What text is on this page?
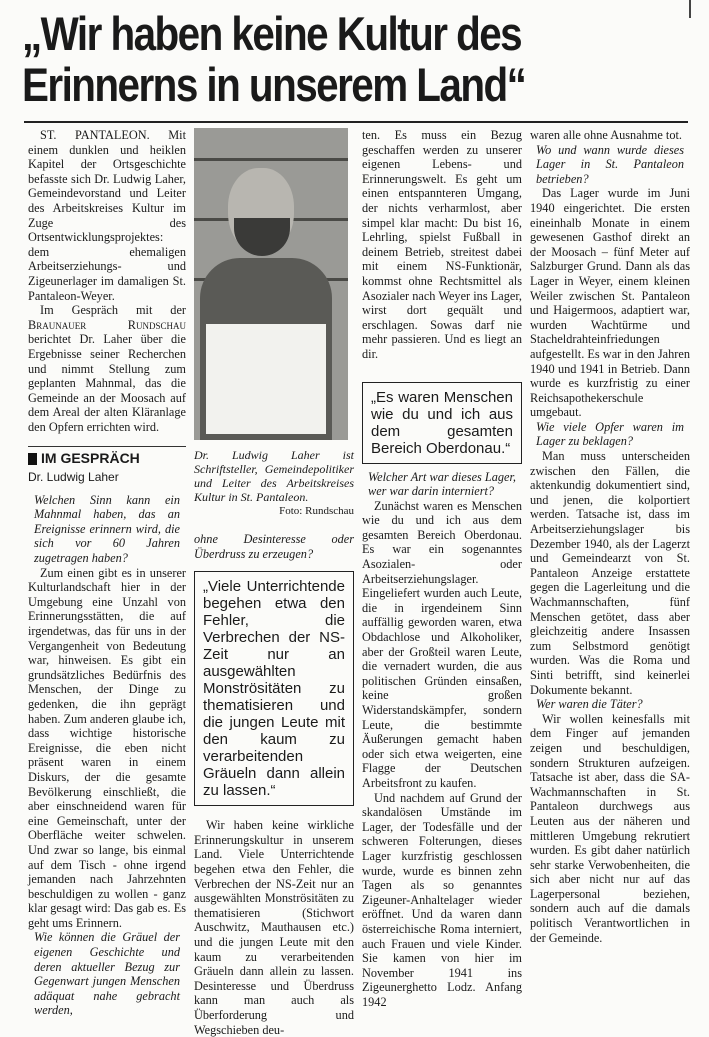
„Wir haben keine Kultur des
Erinnerns in unserem Land“

ST. PANTALEON. Mit einem dunklen und heiklen Kapitel der Ortsgeschichte befasste sich Dr. Ludwig Laher, Gemeindevorstand und Leiter des Arbeitskreises Kultur im Zuge des Ortsentwicklungsprojektes: dem ehemaligen Arbeitserziehungs- und Zigeunerlager im damaligen St. Pantaleon-Weyer.

Im Gespräch mit der Braunauer Rundschau berichtet Dr. Laher über die Ergebnisse seiner Recherchen und nimmt Stellung zum geplanten Mahnmal, das die Gemeinde an der Moosach auf dem Areal der alten Kläranlage den Opfern errichten wird.

IM GESPRÄCH
Dr. Ludwig Laher

Welchen Sinn kann ein Mahnmal haben, das an Ereignisse erinnern wird, die sich vor 60 Jahren zugetragen haben?

Zum einen gibt es in unserer Kulturlandschaft hier in der Umgebung eine Unzahl von Erinnerungsstätten, die auf irgendetwas, das für uns in der Vergangenheit von Bedeutung war, hinweisen. Es gibt ein grundsätzliches Bedürfnis des Menschen, der Dinge zu gedenken, die ihn geprägt haben. Zum anderen glaube ich, dass wichtige historische Ereignisse, die eben nicht präsent waren in einem Diskurs, der die gesamte Bevölkerung einschließt, die aber einschneidend waren für eine Gemeinschaft, unter der Oberfläche weiter schwelen. Und zwar so lange, bis einmal auf dem Tisch - ohne irgend jemanden nach Jahrzehnten beschuldigen zu wollen - ganz klar gesagt wird: Das gab es. Es geht ums Erinnern.

Wie können die Gräuel der eigenen Geschichte und deren aktueller Bezug zur Gegenwart jungen Menschen adäquat nahe gebracht werden,

Dr. Ludwig Laher ist Schriftsteller, Gemeindepolitiker und Leiter des Arbeitskreises Kultur in St. Pantaleon.
Foto: Rundschau

ohne Desinteresse oder Überdruss zu erzeugen?

„Viele Unterrichtende begehen etwa den Fehler, die Verbrechen der NS-Zeit nur an ausgewählten Monströsitäten zu thematisieren und die jungen Leute mit den kaum zu verarbeitenden Gräueln dann allein zu lassen.“

Wir haben keine wirkliche Erinnerungskultur in unserem Land. Viele Unterrichtende begehen etwa den Fehler, die Verbrechen der NS-Zeit nur an ausgewählten Monströsitäten zu thematisieren (Stichwort Auschwitz, Mauthausen etc.) und die jungen Leute mit den kaum zu verarbeitenden Gräueln dann allein zu lassen. Desinteresse und Überdruss kann man auch als Überforderung und Wegschieben deu-

ten. Es muss ein Bezug geschaffen werden zu unserer eigenen Lebens- und Erinnerungswelt. Es geht um einen entspannteren Umgang, der nichts verharmlost, aber simpel klar macht: Du bist 16, Lehrling, spielst Fußball in deinem Betrieb, streitest dabei mit einem NS-Funktionär, kommst ohne Rechtsmittel als Asozialer nach Weyer ins Lager, wirst dort gequält und erschlagen. Sowas darf nie mehr passieren. Und es liegt an dir.

„Es waren Menschen wie du und ich aus dem gesamten Bereich Oberdonau.“

Welcher Art war dieses Lager, wer war darin interniert?

Zunächst waren es Menschen wie du und ich aus dem gesamten Bereich Oberdonau. Es war ein sogenanntes Asozialen- oder Arbeitserziehungslager. Eingeliefert wurden auch Leute, die in irgendeinem Sinn auffällig geworden waren, etwa Obdachlose und Alkoholiker, aber der Großteil waren Leute, die vernadert wurden, die aus politischen Gründen einsaßen, keine großen Widerstandskämpfer, sondern Leute, die bestimmte Äußerungen gemacht haben oder sich etwa weigerten, eine Flagge der Deutschen Arbeitsfront zu kaufen.

Und nachdem auf Grund der skandalösen Umstände im Lager, der Todesfälle und der schweren Folterungen, dieses Lager kurzfristig geschlossen wurde, wurde es binnen zehn Tagen als so genanntes Zigeuner-Anhaltelager wieder eröffnet. Und da waren dann österreichische Roma interniert, auch Frauen und viele Kinder. Sie kamen von hier im November 1941 ins Zigeunerghetto Lodz. Anfang 1942

waren alle ohne Ausnahme tot.

Wo und wann wurde dieses Lager in St. Pantaleon betrieben?

Das Lager wurde im Juni 1940 eingerichtet. Die ersten eineinhalb Monate in einem gewesenen Gasthof direkt an der Moosach – fünf Meter auf Salzburger Grund. Dann als das Lager in Weyer, einem kleinen Weiler zwischen St. Pantaleon und Haigermoos, adaptiert war, wurden Wachtürme und Stacheldrahteinfriedungen aufgestellt. Es war in den Jahren 1940 und 1941 in Betrieb. Dann wurde es kurzfristig zu einer Reichsapothekerschule umgebaut.

Wie viele Opfer waren im Lager zu beklagen?

Man muss unterscheiden zwischen den Fällen, die aktenkundig dokumentiert sind, und jenen, die kolportiert werden. Tatsache ist, dass im Arbeitserziehungslager bis Dezember 1940, als der Lagerzt und Gemeindearzt von St. Pantaleon Anzeige erstattete gegen die Lagerleitung und die Wachmannschaften, fünf Menschen getötet, dass aber gleichzeitig andere Insassen zum Selbstmord genötigt wurden. Was die Roma und Sinti betrifft, sind keinerlei Dokumente bekannt.

Wer waren die Täter?

Wir wollen keinesfalls mit dem Finger auf jemanden zeigen und beschuldigen, sondern Strukturen aufzeigen. Tatsache ist aber, dass die SA-Wachmannschaften in St. Pantaleon durchwegs aus Leuten aus der näheren und mittleren Umgebung rekrutiert wurden. Es gibt daher natürlich sehr starke Verwobenheiten, die sich aber nicht nur auf das Lagerpersonal beziehen, sondern auch auf die damals politisch Verantwortlichen in der Gemeinde.
